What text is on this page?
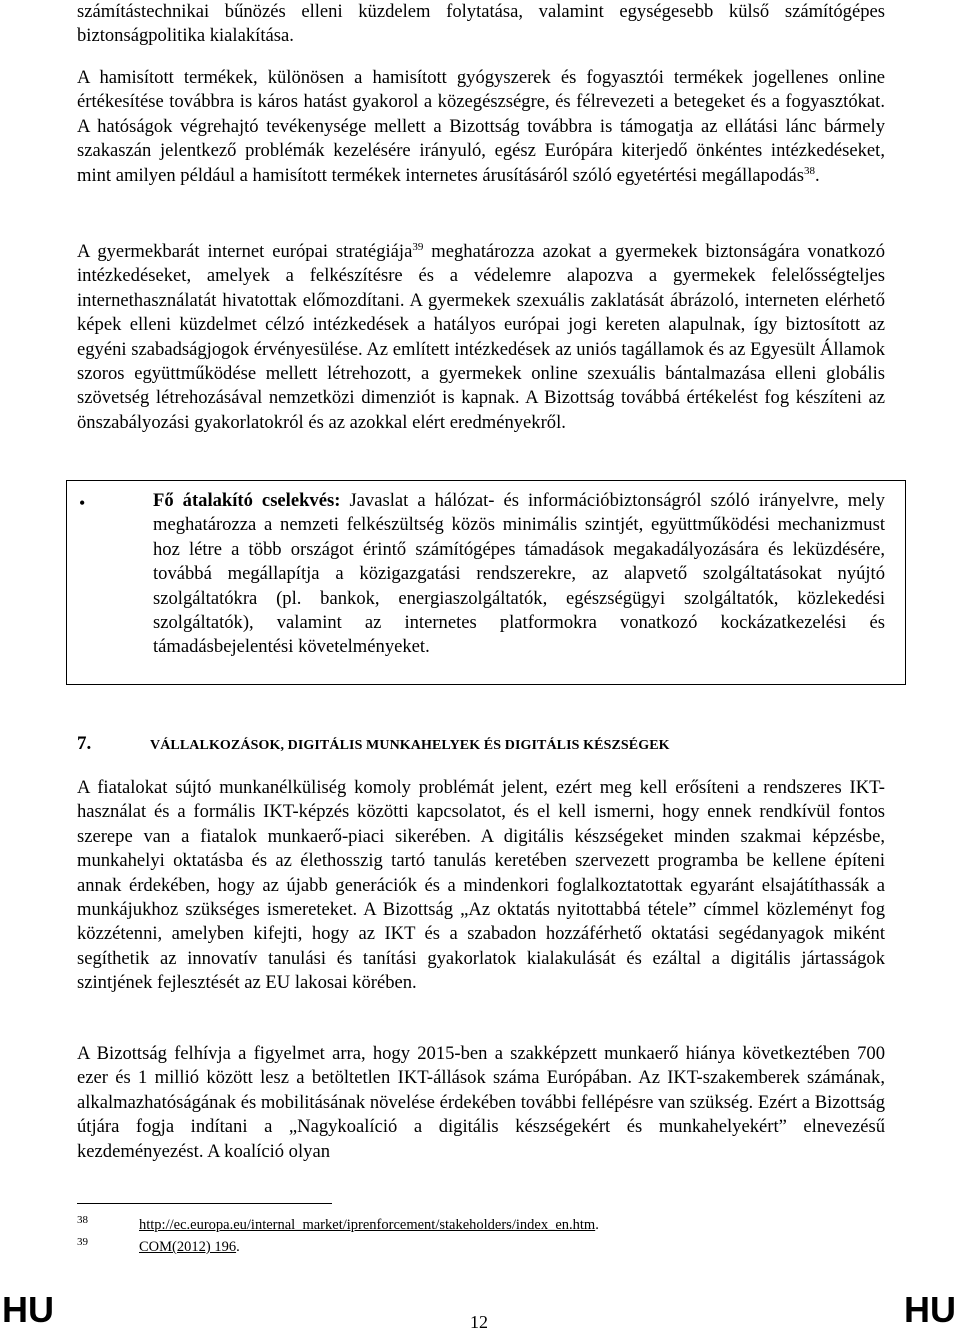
számítástechnikai bűnözés elleni küzdelem folytatása, valamint egységesebb külső számítógépes biztonságpolitika kialakítása.

A hamisított termékek, különösen a hamisított gyógyszerek és fogyasztói termékek jogellenes online értékesítése továbbra is káros hatást gyakorol a közegészségre, és félrevezeti a betegeket és a fogyasztókat. A hatóságok végrehajtó tevékenysége mellett a Bizottság továbbra is támogatja az ellátási lánc bármely szakaszán jelentkező problémák kezelésére irányuló, egész Európára kiterjedő önkéntes intézkedéseket, mint amilyen például a hamisított termékek internetes árusításáról szóló egyetértési megállapodás$^{38}$.

A gyermekbarát internet európai stratégiája$^{39}$ meghatározza azokat a gyermekek biztonságára vonatkozó intézkedéseket, amelyek a felkészítésre és a védelemre alapozva a gyermekek felelősségteljes internethasználatát hivatottak előmozdítani. A gyermekek szexuális zaklatását ábrázoló, interneten elérhető képek elleni küzdelmet célzó intézkedések a hatályos európai jogi kereten alapulnak, így biztosított az egyéni szabadságjogok érvényesülése. Az említett intézkedések az uniós tagállamok és az Egyesült Államok szoros együttműködése mellett létrehozott, a gyermekek online szexuális bántalmazása elleni globális szövetség létrehozásával nemzetközi dimenziót is kapnak. A Bizottság továbbá értékelést fog készíteni az önszabályozási gyakorlatokról és az azokkal elért eredményekről.

•	Fő átalakító cselekvés: Javaslat a hálózat- és információbiztonságról szóló irányelvre, mely meghatározza a nemzeti felkészültség közös minimális szintjét, együttműködési mechanizmust hoz létre a több országot érintő számítógépes támadások megakadályozására és leküzdésére, továbbá megállapítja a közigazgatási rendszerekre, az alapvető szolgáltatásokat nyújtó szolgáltatókra (pl. bankok, energiaszolgáltatók, egészségügyi szolgáltatók, közlekedési szolgáltatók), valamint az internetes platformokra vonatkozó kockázatkezelési és támadásbejelentési követelményeket.

7.	VÁLLALKOZÁSOK, DIGITÁLIS MUNKAHELYEK ÉS DIGITÁLIS KÉSZSÉGEK

A fiatalokat sújtó munkanélküliség komoly problémát jelent, ezért meg kell erősíteni a rendszeres IKT-használat és a formális IKT-képzés közötti kapcsolatot, és el kell ismerni, hogy ennek rendkívül fontos szerepe van a fiatalok munkaerő-piaci sikerében. A digitális készségeket minden szakmai képzésbe, munkahelyi oktatásba és az élethosszig tartó tanulás keretében szervezett programba be kellene építeni annak érdekében, hogy az újabb generációk és a mindenkori foglalkoztatottak egyaránt elsajátíthassák a munkájukhoz szükséges ismereteket. A Bizottság „Az oktatás nyitottabbá tétele” címmel közleményt fog közzétenni, amelyben kifejti, hogy az IKT és a szabadon hozzáférhető oktatási segédanyagok miként segíthetik az innovatív tanulási és tanítási gyakorlatok kialakulását és ezáltal a digitális jártasságok szintjének fejlesztését az EU lakosai körében.

A Bizottság felhívja a figyelmet arra, hogy 2015-ben a szakképzett munkaerő hiánya következtében 700 ezer és 1 millió között lesz a betöltetlen IKT-állások száma Európában. Az IKT-szakemberek számának, alkalmazhatóságának és mobilitásának növelése érdekében további fellépésre van szükség. Ezért a Bizottság útjára fogja indítani a „Nagykoalíció a digitális készségekért és munkahelyekért” elnevezésű kezdeményezést. A koalíció olyan

38	http://ec.europa.eu/internal_market/iprenforcement/stakeholders/index_en.htm.
39	COM(2012) 196.
HU	12	HU
